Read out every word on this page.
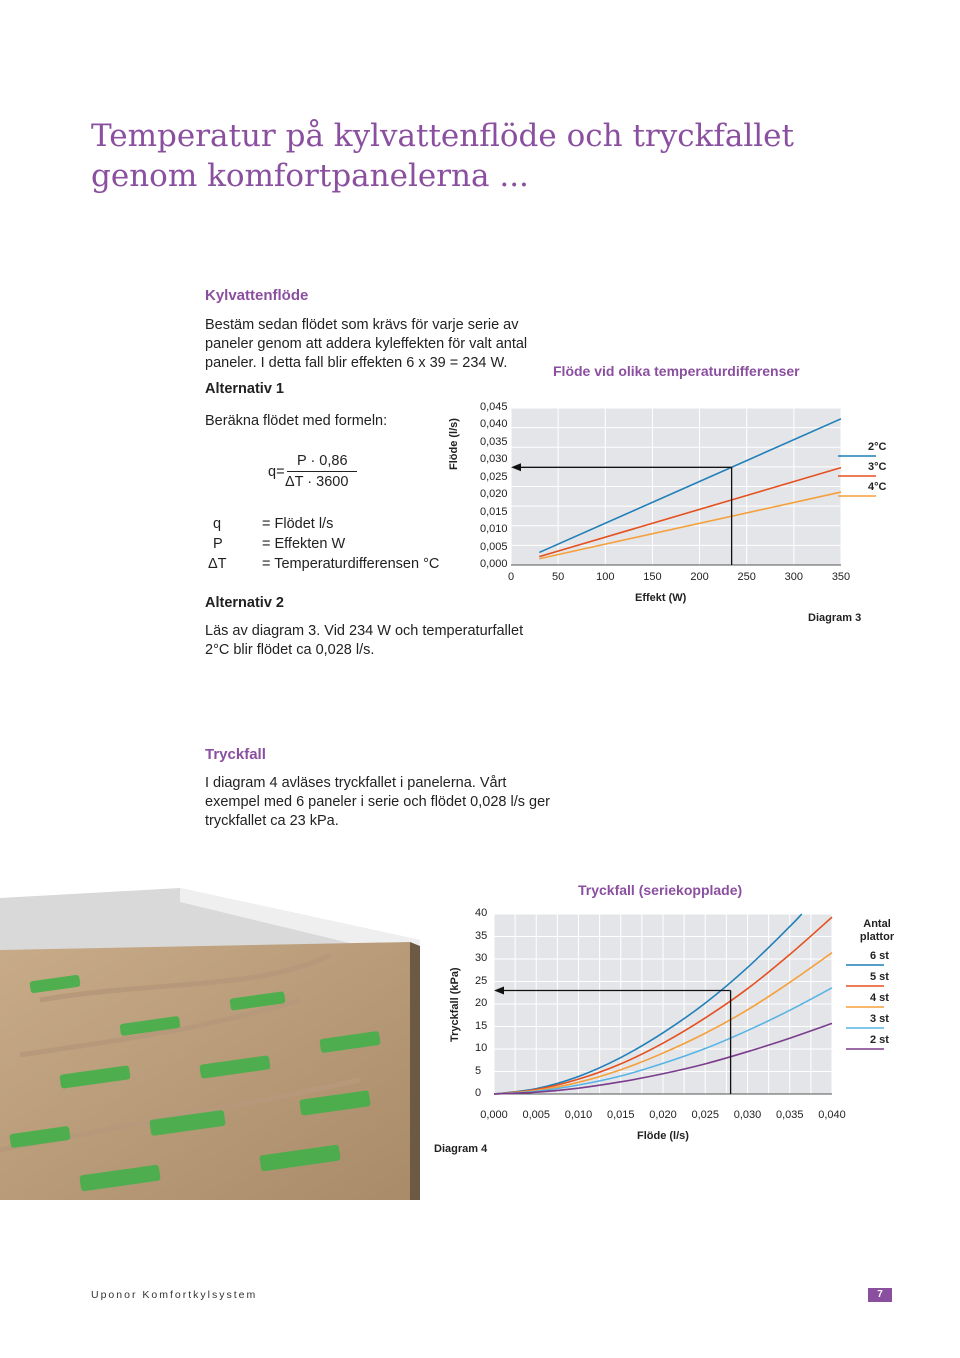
Temperatur på kylvattenflöde och tryckfallet genom komfortpanelerna ...
Kylvattenflöde
Bestäm sedan flödet som krävs för varje serie av paneler genom att addera kyleffekten för valt antal paneler. I detta fall blir effekten 6 x 39 = 234 W.
Alternativ 1
Beräkna flödet med formeln:
q=
P · 0,86
ΔT · 3600
q	= Flödet l/s
P	= Effekten W
ΔT = Temperaturdifferensen °C
Alternativ 2
Läs av diagram 3. Vid 234 W och temperaturfallet 2°C blir flödet ca 0,028 l/s.
Flöde vid olika temperaturdifferenser
Flöde (l/s)
Effekt (W)
Diagram 3
0,000
0,005
0,010
0,015
0,020
0,025
0,030
0,035
0,040
0,045
0	50	100	150	200	250	300	350
2°C
3°C
4°C
Tryckfall
I diagram 4 avläses tryckfallet i panelerna. Vårt exempel med 6 paneler i serie och flödet 0,028 l/s ger tryckfallet ca 23 kPa.
Tryckfall (seriekopplade)
Tryckfall (kPa)
Flöde (l/s)
Diagram 4
Antal plattor
0
5
10
15
20
25
30
35
40
0,000	0,005	0,010	0,015	0,020	0,025	0,030	0,035	0,040
6 st
5 st
4 st
3 st
2 st
Uponor Komfortkylsystem	7
